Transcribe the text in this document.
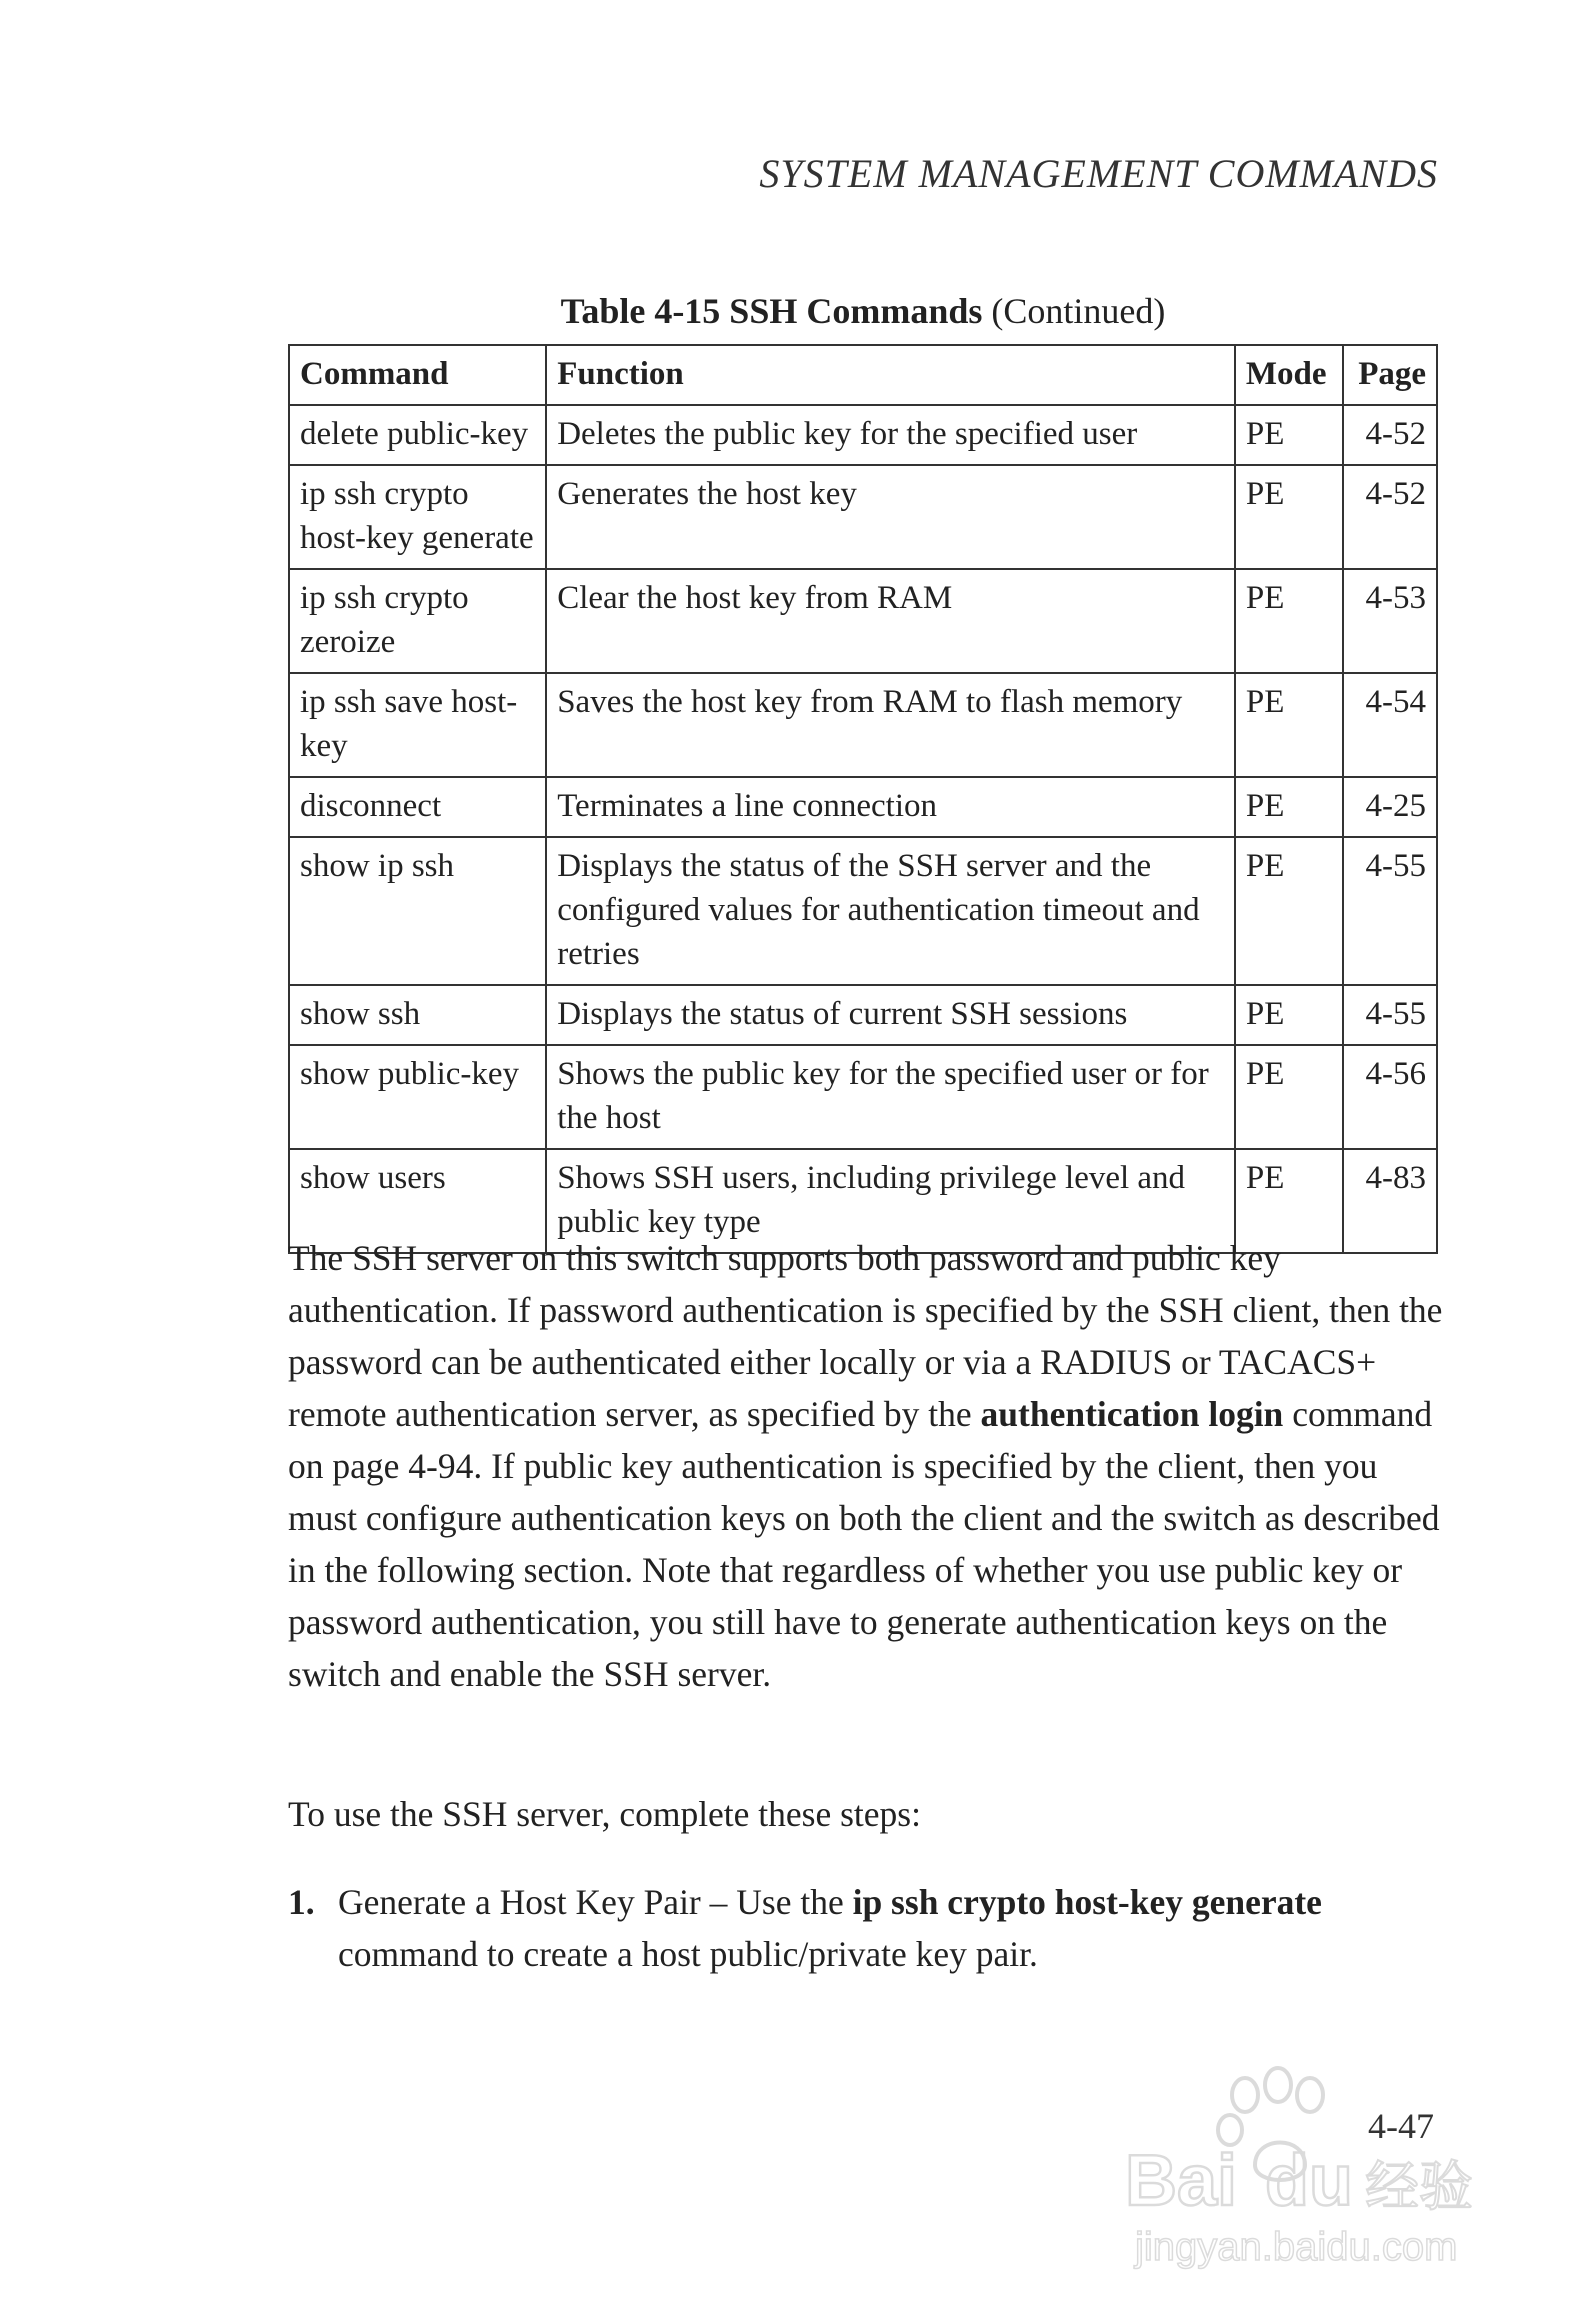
SYSTEM MANAGEMENT COMMANDS
Table 4-15 SSH Commands (Continued)
Command	Function	Mode	Page
delete public-key	Deletes the public key for the specified user	PE	4-52
ip ssh crypto host-key generate	Generates the host key	PE	4-52
ip ssh crypto zeroize	Clear the host key from RAM	PE	4-53
ip ssh save host-key	Saves the host key from RAM to flash memory	PE	4-54
disconnect	Terminates a line connection	PE	4-25
show ip ssh	Displays the status of the SSH server and the configured values for authentication timeout and retries	PE	4-55
show ssh	Displays the status of current SSH sessions	PE	4-55
show public-key	Shows the public key for the specified user or for the host	PE	4-56
show users	Shows SSH users, including privilege level and public key type	PE	4-83
The SSH server on this switch supports both password and public key authentication. If password authentication is specified by the SSH client, then the password can be authenticated either locally or via a RADIUS or TACACS+ remote authentication server, as specified by the authentication login command on page 4-94. If public key authentication is specified by the client, then you must configure authentication keys on both the client and the switch as described in the following section. Note that regardless of whether you use public key or password authentication, you still have to generate authentication keys on the switch and enable the SSH server.
To use the SSH server, complete these steps:
1. Generate a Host Key Pair – Use the ip ssh crypto host-key generate command to create a host public/private key pair.
4-47
Bai du 经验
jingyan.baidu.com
